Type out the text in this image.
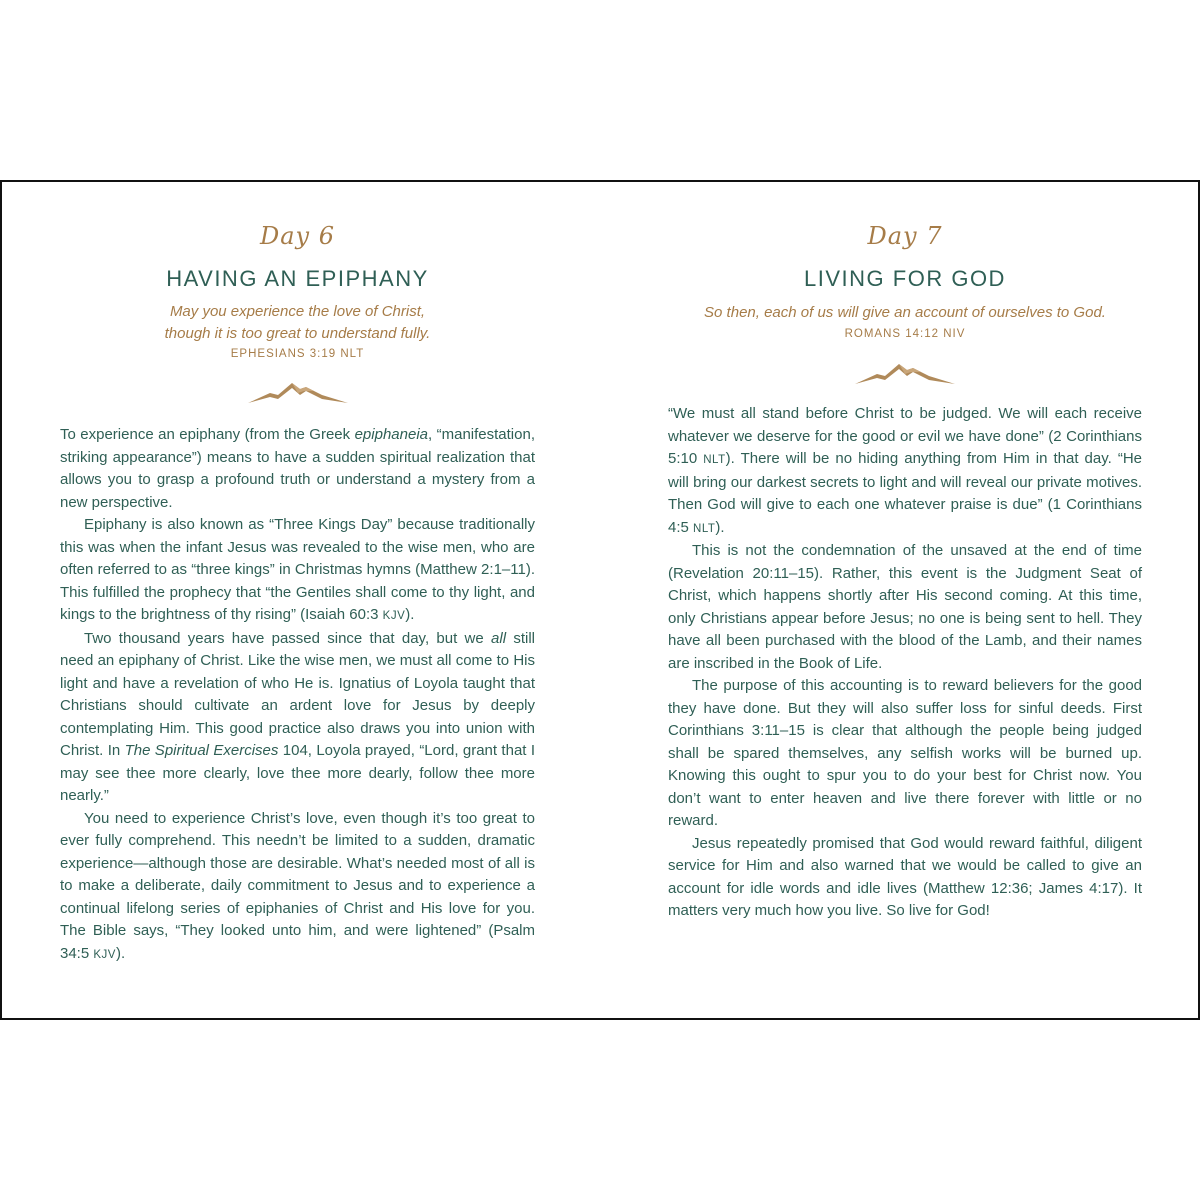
Day 6
HAVING AN EPIPHANY
May you experience the love of Christ,
though it is too great to understand fully.
EPHESIANS 3:19 NLT

To experience an epiphany (from the Greek epiphaneia, “manifestation, striking appearance”) means to have a sudden spiritual realization that allows you to grasp a profound truth or understand a mystery from a new perspective.

Epiphany is also known as “Three Kings Day” because traditionally this was when the infant Jesus was revealed to the wise men, who are often referred to as “three kings” in Christmas hymns (Matthew 2:1–11). This fulfilled the prophecy that “the Gentiles shall come to thy light, and kings to the brightness of thy rising” (Isaiah 60:3 KJV).

Two thousand years have passed since that day, but we all still need an epiphany of Christ. Like the wise men, we must all come to His light and have a revelation of who He is. Ignatius of Loyola taught that Christians should cultivate an ardent love for Jesus by deeply contemplating Him. This good practice also draws you into union with Christ. In The Spiritual Exercises 104, Loyola prayed, “Lord, grant that I may see thee more clearly, love thee more dearly, follow thee more nearly.”

You need to experience Christ’s love, even though it’s too great to ever fully comprehend. This needn’t be limited to a sudden, dramatic experience—although those are desirable. What’s needed most of all is to make a deliberate, daily commitment to Jesus and to experience a continual lifelong series of epiphanies of Christ and His love for you. The Bible says, “They looked unto him, and were lightened” (Psalm 34:5 KJV).

Day 7
LIVING FOR GOD
So then, each of us will give an account of ourselves to God.
ROMANS 14:12 NIV

“We must all stand before Christ to be judged. We will each receive whatever we deserve for the good or evil we have done” (2 Corinthians 5:10 NLT). There will be no hiding anything from Him in that day. “He will bring our darkest secrets to light and will reveal our private motives. Then God will give to each one whatever praise is due” (1 Corinthians 4:5 NLT).

This is not the condemnation of the unsaved at the end of time (Revelation 20:11–15). Rather, this event is the Judgment Seat of Christ, which happens shortly after His second coming. At this time, only Christians appear before Jesus; no one is being sent to hell. They have all been purchased with the blood of the Lamb, and their names are inscribed in the Book of Life.

The purpose of this accounting is to reward believers for the good they have done. But they will also suffer loss for sinful deeds. First Corinthians 3:11–15 is clear that although the people being judged shall be spared themselves, any selfish works will be burned up. Knowing this ought to spur you to do your best for Christ now. You don’t want to enter heaven and live there forever with little or no reward.

Jesus repeatedly promised that God would reward faithful, diligent service for Him and also warned that we would be called to give an account for idle words and idle lives (Matthew 12:36; James 4:17). It matters very much how you live. So live for God!
